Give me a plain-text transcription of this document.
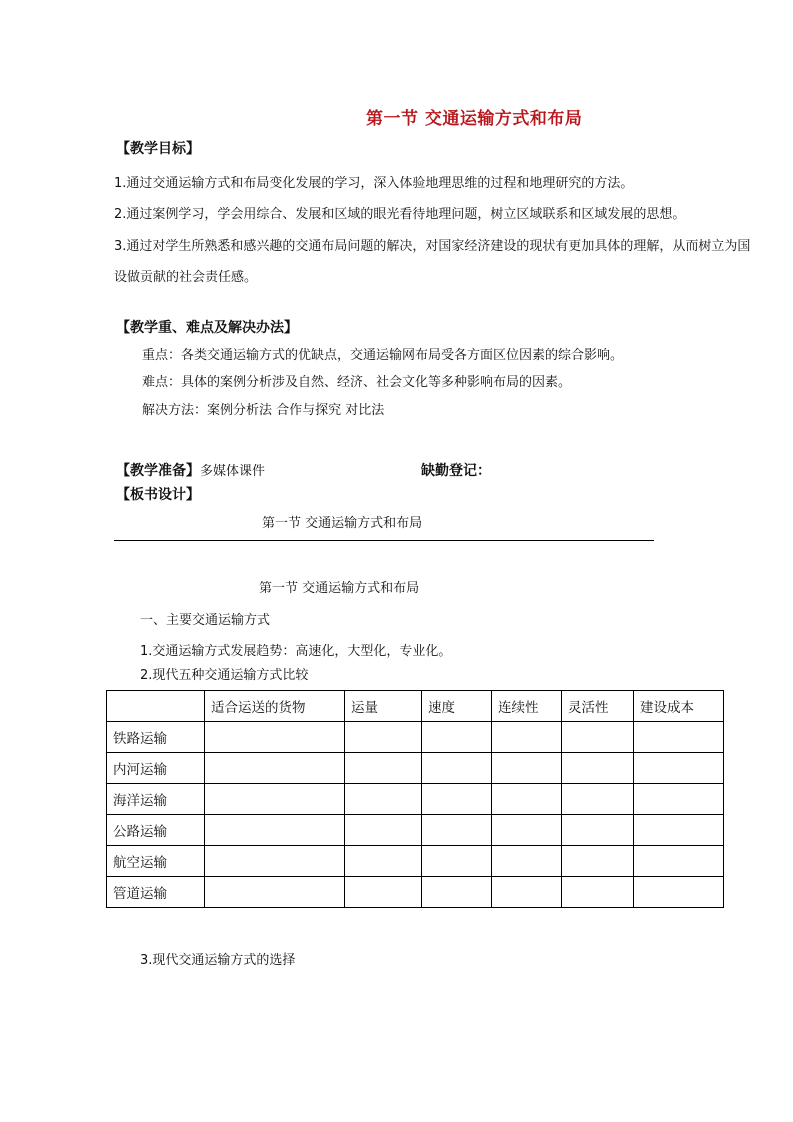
第一节 交通运输方式和布局
【教学目标】
1.通过交通运输方式和布局变化发展的学习，深入体验地理思维的过程和地理研究的方法。
2.通过案例学习，学会用综合、发展和区域的眼光看待地理问题，树立区域联系和区域发展的思想。
3.通过对学生所熟悉和感兴趣的交通布局问题的解决，对国家经济建设的现状有更加具体的理解，从而树立为国
设做贡献的社会责任感。
【教学重、难点及解决办法】
重点：各类交通运输方式的优缺点，交通运输网布局受各方面区位因素的综合影响。
难点：具体的案例分析涉及自然、经济、社会文化等多种影响布局的因素。
解决方法：案例分析法 合作与探究 对比法
【教学准备】多媒体课件	缺勤登记：
【板书设计】
第一节 交通运输方式和布局
第一节 交通运输方式和布局
一、主要交通运输方式
1.交通运输方式发展趋势：高速化，大型化，专业化。
2.现代五种交通运输方式比较
	适合运送的货物	运量	速度	连续性	灵活性	建设成本
铁路运输						
内河运输						
海洋运输						
公路运输						
航空运输						
管道运输						
3.现代交通运输方式的选择
